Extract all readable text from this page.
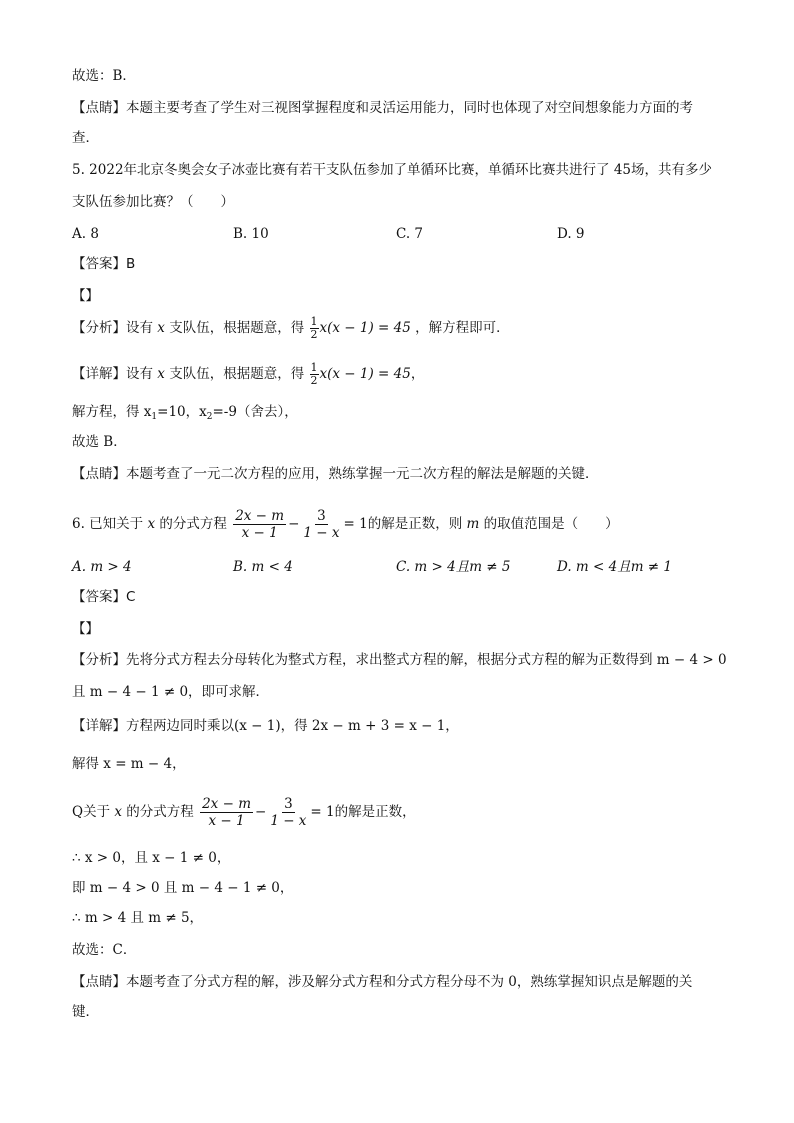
故选：B．
【点睛】本题主要考查了学生对三视图掌握程度和灵活运用能力，同时也体现了对空间想象能力方面的考
查．
5. 2022年北京冬奥会女子冰壶比赛有若干支队伍参加了单循环比赛，单循环比赛共进行了 45场，共有多少
支队伍参加比赛？（　　）
A. 8	B. 10	C. 7	D. 9
【答案】B
【】
【分析】设有 x 支队伍，根据题意，得 $\frac{1}{2} x(x - 1) = 45$ ，解方程即可．
【详解】设有 x 支队伍，根据题意，得 $\frac{1}{2} x(x - 1) = 45$，
解方程，得 $x_1=10$，$x_2=-9$（舍去），
故选 B．
【点睛】本题考查了一元二次方程的应用，熟练掌握一元二次方程的解法是解题的关键．
6. 已知关于 x 的分式方程 $\frac{2x - m}{x - 1} - \frac{3}{1 - x} = 1$的解是正数，则 m 的取值范围是（　　）
A. m > 4	B. m < 4	C. m > 4且m ≠ 5	D. m < 4且m ≠ 1
【答案】C
【】
【分析】先将分式方程去分母转化为整式方程，求出整式方程的解，根据分式方程的解为正数得到 m − 4 > 0
且 m − 4 − 1 ≠ 0，即可求解．
【详解】方程两边同时乘以(x − 1)，得 2x − m + 3 = x − 1，
解得 x = m − 4，
Q关于 x 的分式方程 $\frac{2x - m}{x - 1} - \frac{3}{1 - x} = 1$的解是正数，
∴ x > 0，且 x − 1 ≠ 0，
即 m − 4 > 0 且 m − 4 − 1 ≠ 0，
∴ m > 4 且 m ≠ 5，
故选：C．
【点睛】本题考查了分式方程的解，涉及解分式方程和分式方程分母不为 0，熟练掌握知识点是解题的关
键．
